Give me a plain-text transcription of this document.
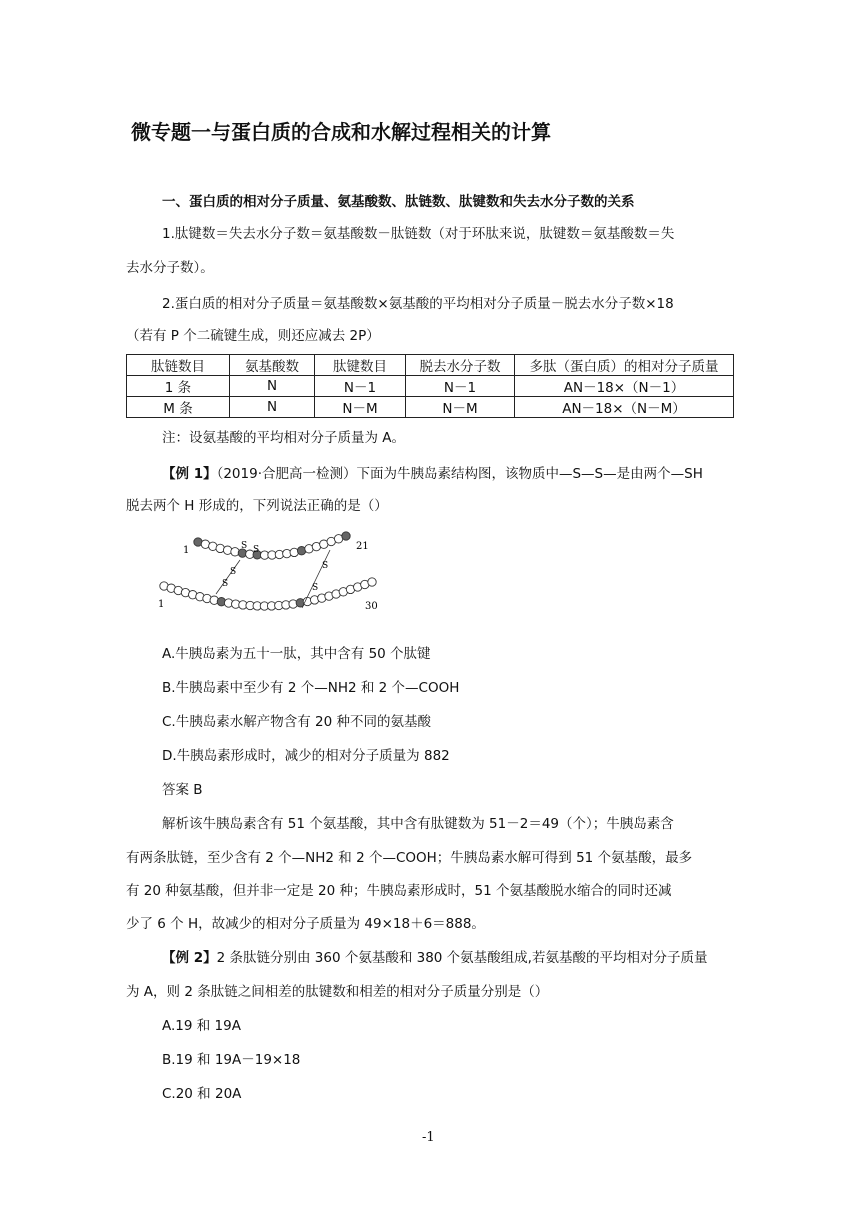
微专题一与蛋白质的合成和水解过程相关的计算
一、蛋白质的相对分子质量、氨基酸数、肽链数、肽键数和失去水分子数的关系
1.肽键数＝失去水分子数＝氨基酸数－肽链数（对于环肽来说，肽键数＝氨基酸数＝失
去水分子数）。
2.蛋白质的相对分子质量＝氨基酸数×氨基酸的平均相对分子质量－脱去水分子数×18
（若有 P 个二硫键生成，则还应减去 2P）
肽链数目	氨基酸数	肽键数目	脱去水分子数	多肽（蛋白质）的相对分子质量
1 条	N	N－1	N－1	AN－18×（N－1）
M 条	N	N－M	N－M	AN－18×（N－M）
注：设氨基酸的平均相对分子质量为 A。
【例 1】（2019·合肥高一检测）下面为牛胰岛素结构图，该物质中—S—S—是由两个—SH
脱去两个 H 形成的，下列说法正确的是（）
S S
S
S
S
S
1	21
1	30
A.牛胰岛素为五十一肽，其中含有 50 个肽键
B.牛胰岛素中至少有 2 个—NH2 和 2 个—COOH
C.牛胰岛素水解产物含有 20 种不同的氨基酸
D.牛胰岛素形成时，减少的相对分子质量为 882
答案 B
解析该牛胰岛素含有 51 个氨基酸，其中含有肽键数为 51－2＝49（个）；牛胰岛素含
有两条肽链，至少含有 2 个—NH2 和 2 个—COOH；牛胰岛素水解可得到 51 个氨基酸，最多
有 20 种氨基酸，但并非一定是 20 种；牛胰岛素形成时，51 个氨基酸脱水缩合的同时还减
少了 6 个 H，故减少的相对分子质量为 49×18＋6＝888。
【例 2】2 条肽链分别由 360 个氨基酸和 380 个氨基酸组成,若氨基酸的平均相对分子质量
为 A，则 2 条肽链之间相差的肽键数和相差的相对分子质量分别是（）
A.19 和 19A
B.19 和 19A－19×18
C.20 和 20A
-1
